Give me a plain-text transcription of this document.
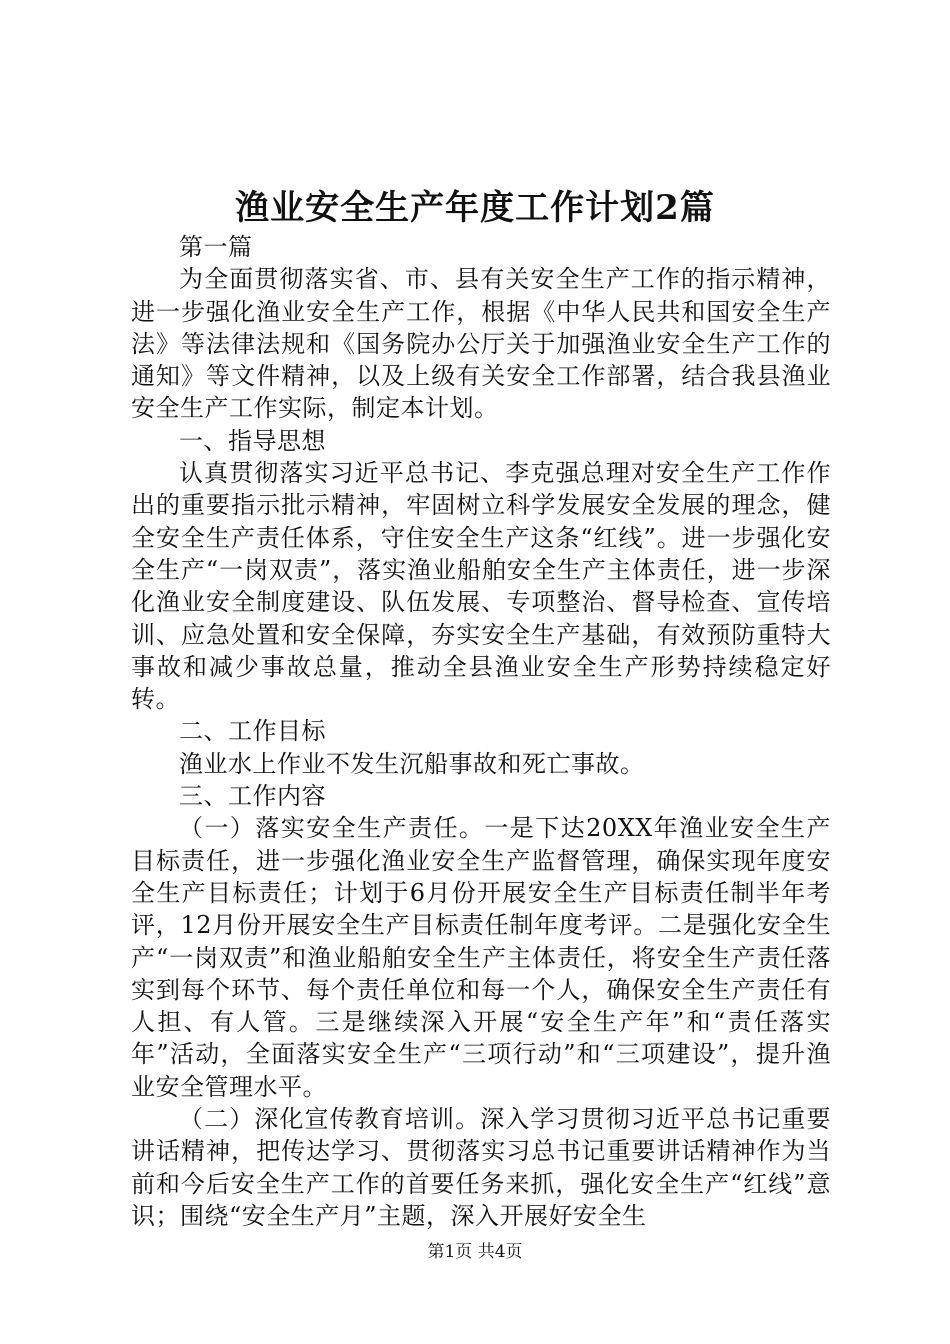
渔业安全生产年度工作计划2篇

第一篇

为全面贯彻落实省、市、县有关安全生产工作的指示精神，进一步强化渔业安全生产工作，根据《中华人民共和国安全生产法》等法律法规和《国务院办公厅关于加强渔业安全生产工作的通知》等文件精神，以及上级有关安全工作部署，结合我县渔业安全生产工作实际，制定本计划。

一、指导思想

认真贯彻落实习近平总书记、李克强总理对安全生产工作作出的重要指示批示精神，牢固树立科学发展安全发展的理念，健全安全生产责任体系，守住安全生产这条“红线”。进一步强化安全生产“一岗双责”，落实渔业船舶安全生产主体责任，进一步深化渔业安全制度建设、队伍发展、专项整治、督导检查、宣传培训、应急处置和安全保障，夯实安全生产基础，有效预防重特大事故和减少事故总量，推动全县渔业安全生产形势持续稳定好转。

二、工作目标

渔业水上作业不发生沉船事故和死亡事故。

三、工作内容

（一）落实安全生产责任。一是下达20XX年渔业安全生产目标责任，进一步强化渔业安全生产监督管理，确保实现年度安全生产目标责任；计划于6月份开展安全生产目标责任制半年考评，12月份开展安全生产目标责任制年度考评。二是强化安全生产“一岗双责”和渔业船舶安全生产主体责任，将安全生产责任落实到每个环节、每个责任单位和每一个人，确保安全生产责任有人担、有人管。三是继续深入开展“安全生产年”和“责任落实年”活动，全面落实安全生产“三项行动”和“三项建设”，提升渔业安全管理水平。

（二）深化宣传教育培训。深入学习贯彻习近平总书记重要讲话精神，把传达学习、贯彻落实习总书记重要讲话精神作为当前和今后安全生产工作的首要任务来抓，强化安全生产“红线”意识；围绕“安全生产月”主题，深入开展好安全生

第1页 共4页
